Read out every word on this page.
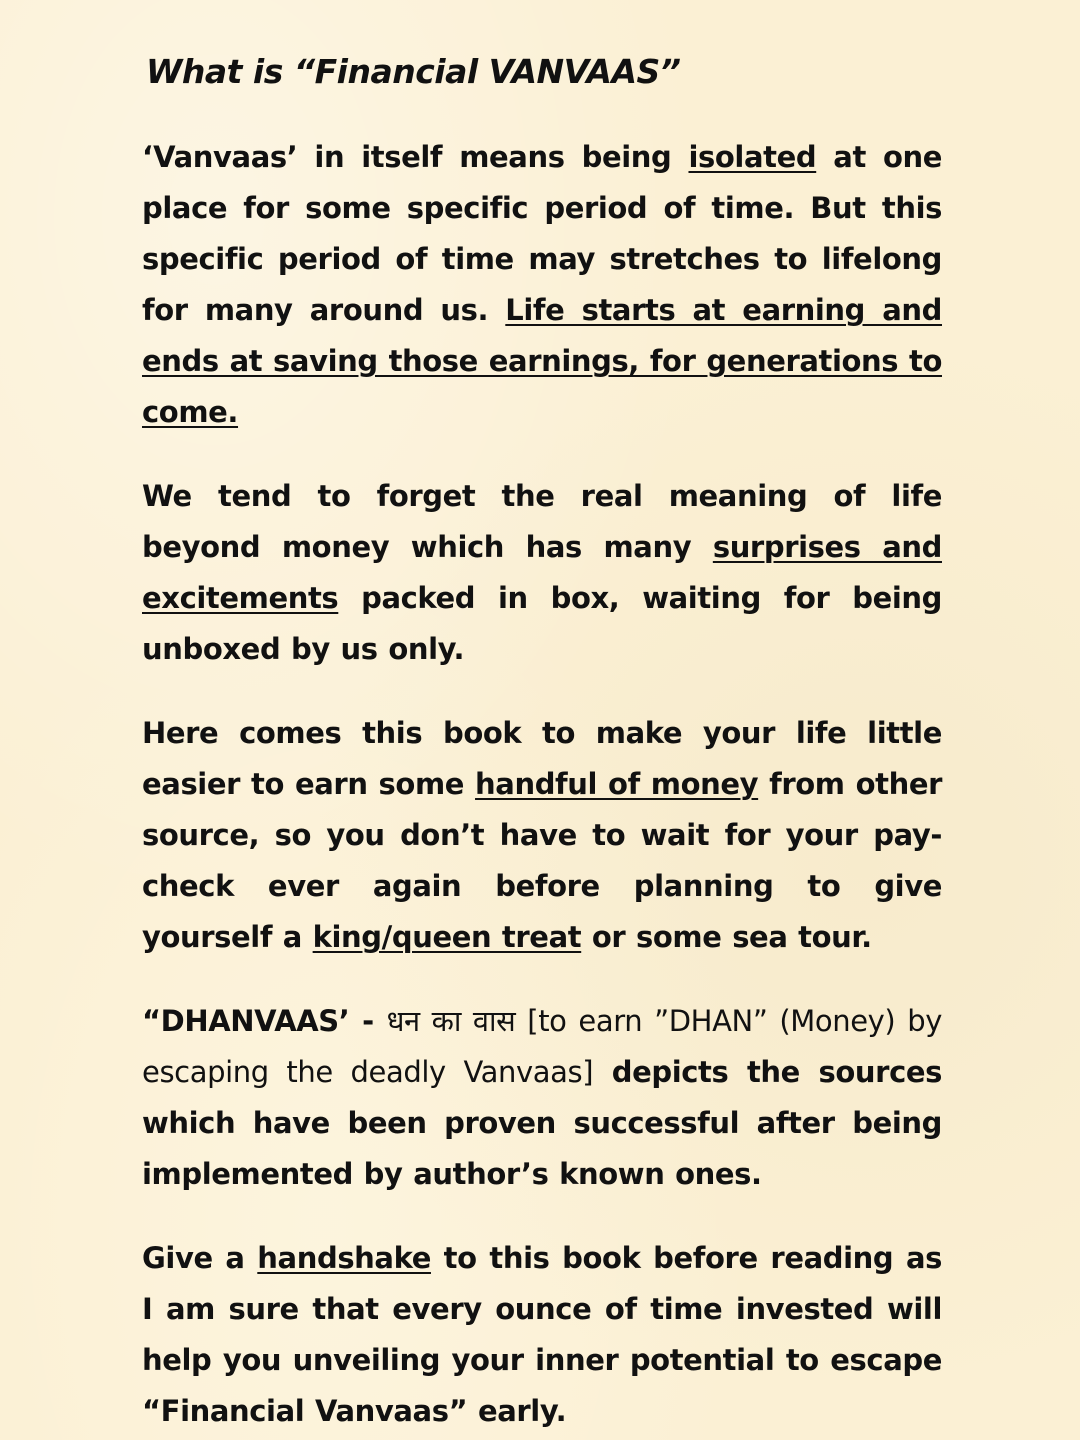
What is “Financial VANVAAS”

‘Vanvaas’ in itself means being isolated at one place for some specific period of time. But this specific period of time may stretches to lifelong for many around us. Life starts at earning and ends at saving those earnings, for generations to come.

We tend to forget the real meaning of life beyond money which has many surprises and excitements packed in box, waiting for being unboxed by us only.

Here comes this book to make your life little easier to earn some handful of money from other source, so you don’t have to wait for your pay-check ever again before planning to give yourself a king/queen treat or some sea tour.

“DHANVAAS’ - धन का वास [to earn ”DHAN” (Money) by escaping the deadly Vanvaas] depicts the sources which have been proven successful after being implemented by author’s known ones.

Give a handshake to this book before reading as I am sure that every ounce of time invested will help you unveiling your inner potential to escape “Financial Vanvaas” early.
